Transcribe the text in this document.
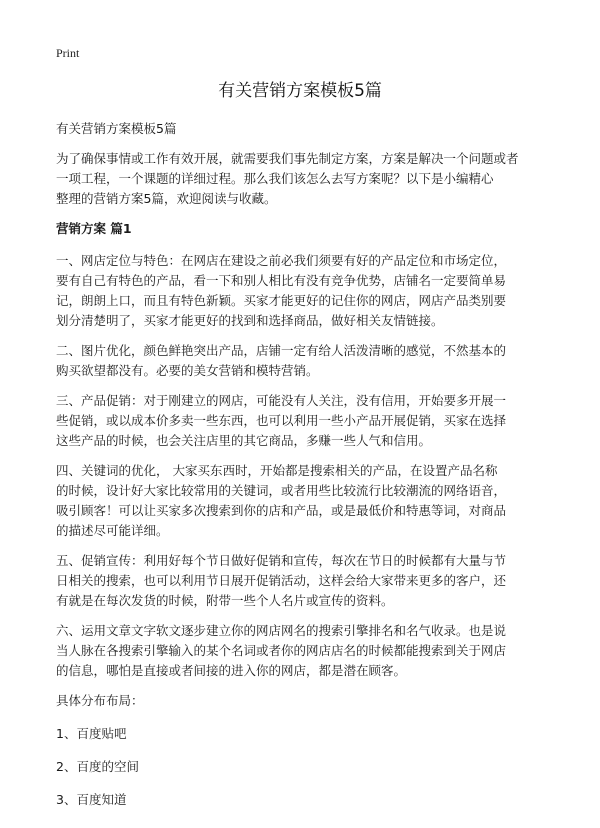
Print
有关营销方案模板5篇

有关营销方案模板5篇

为了确保事情或工作有效开展，就需要我们事先制定方案，方案是解决一个问题或者
一项工程，一个课题的详细过程。那么我们该怎么去写方案呢？以下是小编精心
整理的营销方案5篇，欢迎阅读与收藏。

营销方案 篇1

一、网店定位与特色：在网店在建设之前必我们须要有好的产品定位和市场定位，
要有自己有特色的产品，看一下和别人相比有没有竞争优势，店铺名一定要简单易
记，朗朗上口，而且有特色新颖。买家才能更好的记住你的网店，网店产品类别要
划分清楚明了，买家才能更好的找到和选择商品，做好相关友情链接。

二、图片优化，颜色鲜艳突出产品，店铺一定有给人活泼清晰的感觉，不然基本的
购买欲望都没有。必要的美女营销和模特营销。

三、产品促销：对于刚建立的网店，可能没有人关注，没有信用，开始要多开展一
些促销，或以成本价多卖一些东西，也可以利用一些小产品开展促销，买家在选择
这些产品的时候，也会关注店里的其它商品，多赚一些人气和信用。

四、关键词的优化， 大家买东西时，开始都是搜索相关的产品，在设置产品名称
的时候，设计好大家比较常用的关键词，或者用些比较流行比较潮流的网络语音，
吸引顾客！可以让买家多次搜索到你的店和产品，或是最低价和特惠等词，对商品
的描述尽可能详细。

五、促销宣传：利用好每个节日做好促销和宣传，每次在节日的时候都有大量与节
日相关的搜索，也可以利用节日展开促销活动，这样会给大家带来更多的客户，还
有就是在每次发货的时候，附带一些个人名片或宣传的资料。

六、运用文章文字软文逐步建立你的网店网名的搜索引擎排名和名气收录。也是说
当人脉在各搜索引擎输入的某个名词或者你的网店店名的时候都能搜索到关于网店
的信息，哪怕是直接或者间接的进入你的网店，都是潜在顾客。

具体分布布局：

1、百度贴吧

2、百度的空间

3、百度知道
